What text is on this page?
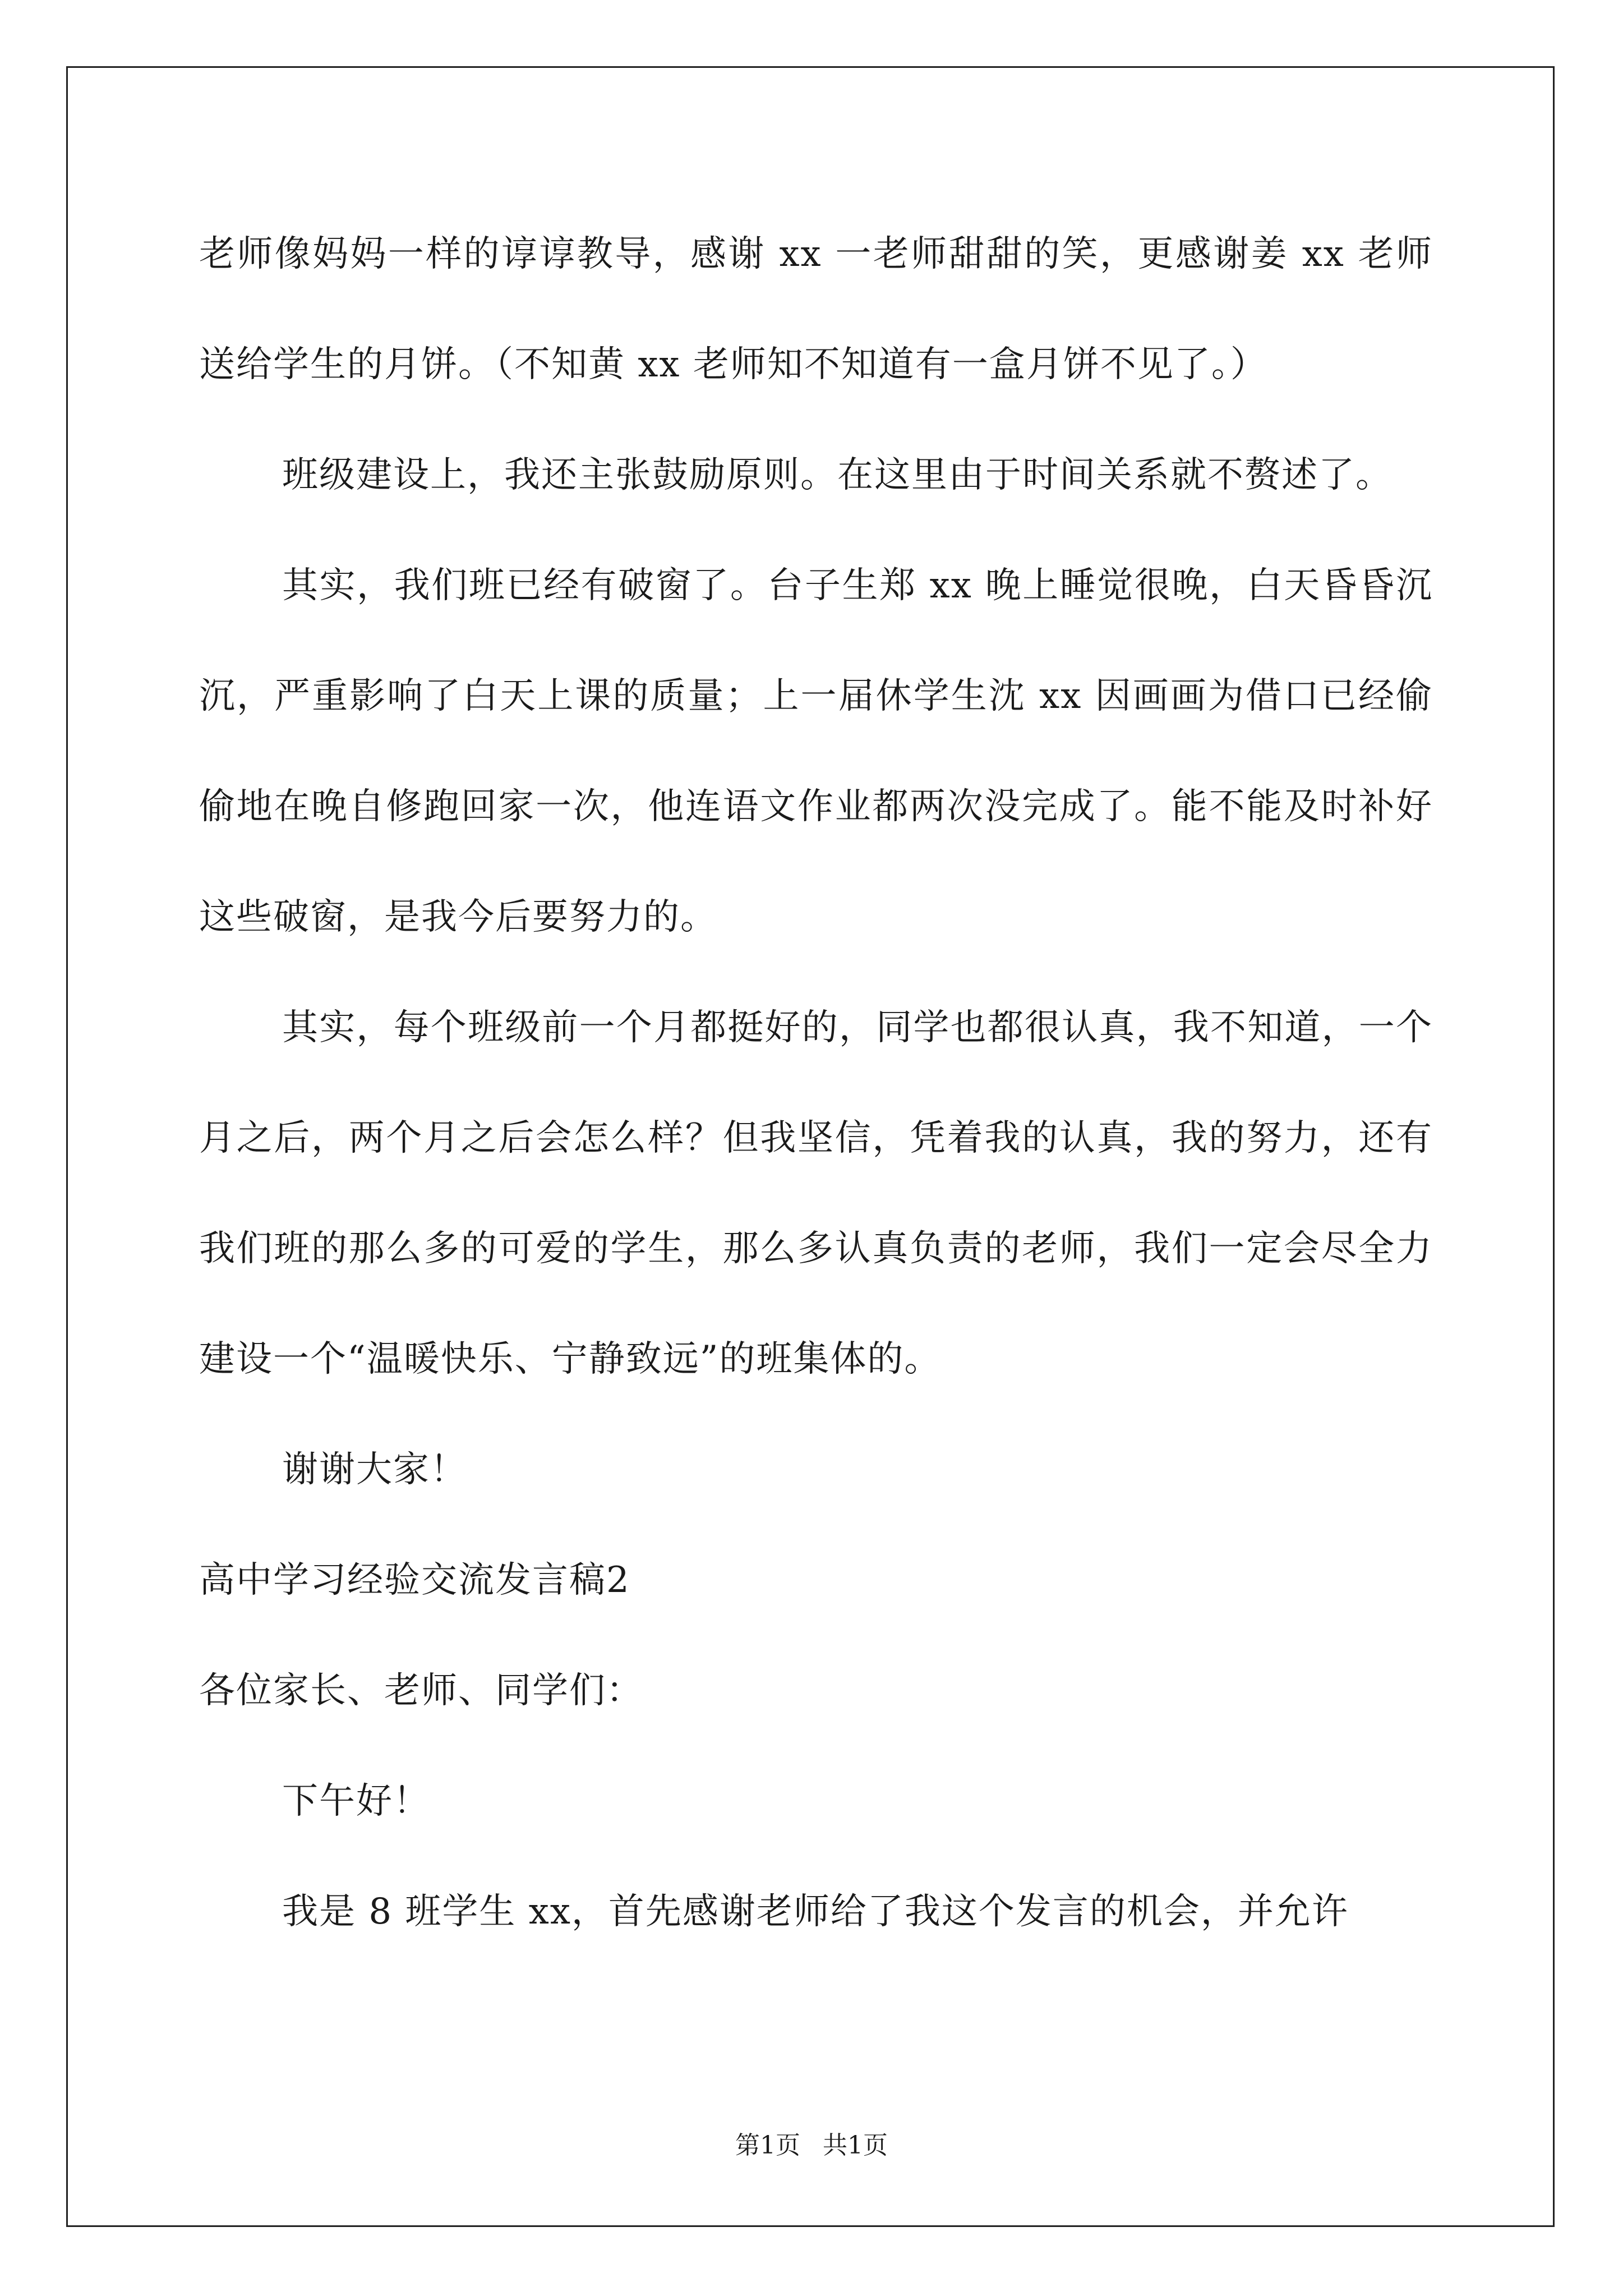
老师像妈妈一样的谆谆教导，感谢 xx 一老师甜甜的笑，更感谢姜 xx 老师送给学生的月饼。（不知黄 xx 老师知不知道有一盒月饼不见了。）

班级建设上，我还主张鼓励原则。在这里由于时间关系就不赘述了。

其实，我们班已经有破窗了。台子生郑 xx 晚上睡觉很晚，白天昏昏沉沉，严重影响了白天上课的质量；上一届休学生沈 xx 因画画为借口已经偷偷地在晚自修跑回家一次，他连语文作业都两次没完成了。能不能及时补好这些破窗，是我今后要努力的。

其实，每个班级前一个月都挺好的，同学也都很认真，我不知道，一个月之后，两个月之后会怎么样？但我坚信，凭着我的认真，我的努力，还有我们班的那么多的可爱的学生，那么多认真负责的老师，我们一定会尽全力建设一个“温暖快乐、宁静致远”的班集体的。

谢谢大家！

高中学习经验交流发言稿2

各位家长、老师、同学们：

下午好！

我是 8 班学生 xx，首先感谢老师给了我这个发言的机会，并允许

第1页 共1页
